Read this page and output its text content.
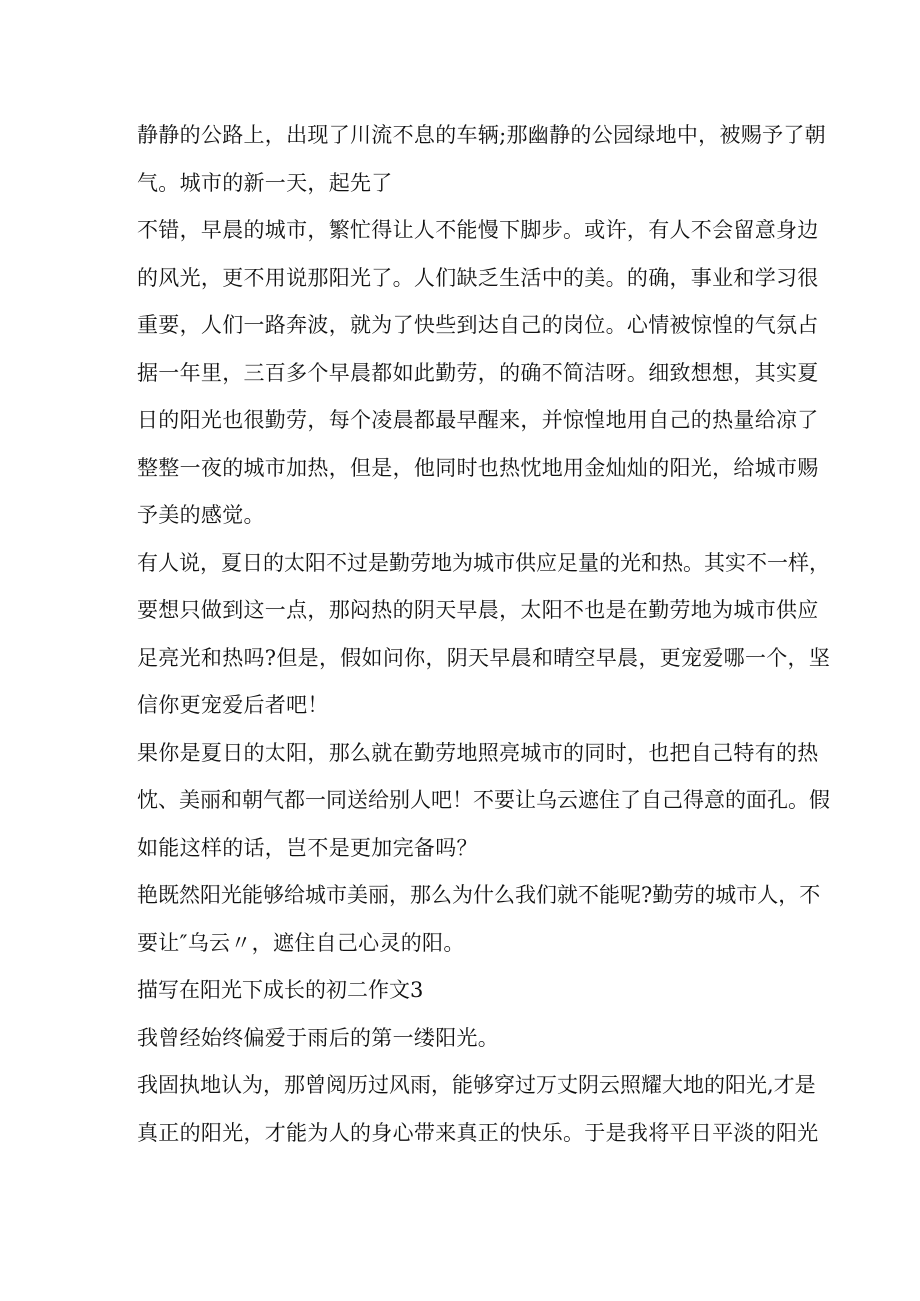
静静的公路上，出现了川流不息的车辆;那幽静的公园绿地中，被赐予了朝
气。城市的新一天，起先了
不错，早晨的城市，繁忙得让人不能慢下脚步。或许，有人不会留意身边
的风光，更不用说那阳光了。人们缺乏生活中的美。的确，事业和学习很
重要，人们一路奔波，就为了快些到达自己的岗位。心情被惊惶的气氛占
据一年里，三百多个早晨都如此勤劳，的确不简洁呀。细致想想，其实夏
日的阳光也很勤劳，每个凌晨都最早醒来，并惊惶地用自己的热量给凉了
整整一夜的城市加热，但是，他同时也热忱地用金灿灿的阳光，给城市赐
予美的感觉。
有人说，夏日的太阳不过是勤劳地为城市供应足量的光和热。其实不一样，
要想只做到这一点，那闷热的阴天早晨，太阳不也是在勤劳地为城市供应
足亮光和热吗?但是，假如问你，阴天早晨和晴空早晨，更宠爱哪一个，坚
信你更宠爱后者吧！
果你是夏日的太阳，那么就在勤劳地照亮城市的同时，也把自己特有的热
忱、美丽和朝气都一同送给别人吧！不要让乌云遮住了自己得意的面孔。假
如能这样的话，岂不是更加完备吗？
艳既然阳光能够给城市美丽，那么为什么我们就不能呢?勤劳的城市人，不
要让″乌云〃，遮住自己心灵的阳。
描写在阳光下成长的初二作文3
我曾经始终偏爱于雨后的第一缕阳光。
我固执地认为，那曾阅历过风雨，能够穿过万丈阴云照耀大地的阳光,才是
真正的阳光，才能为人的身心带来真正的快乐。于是我将平日平淡的阳光
